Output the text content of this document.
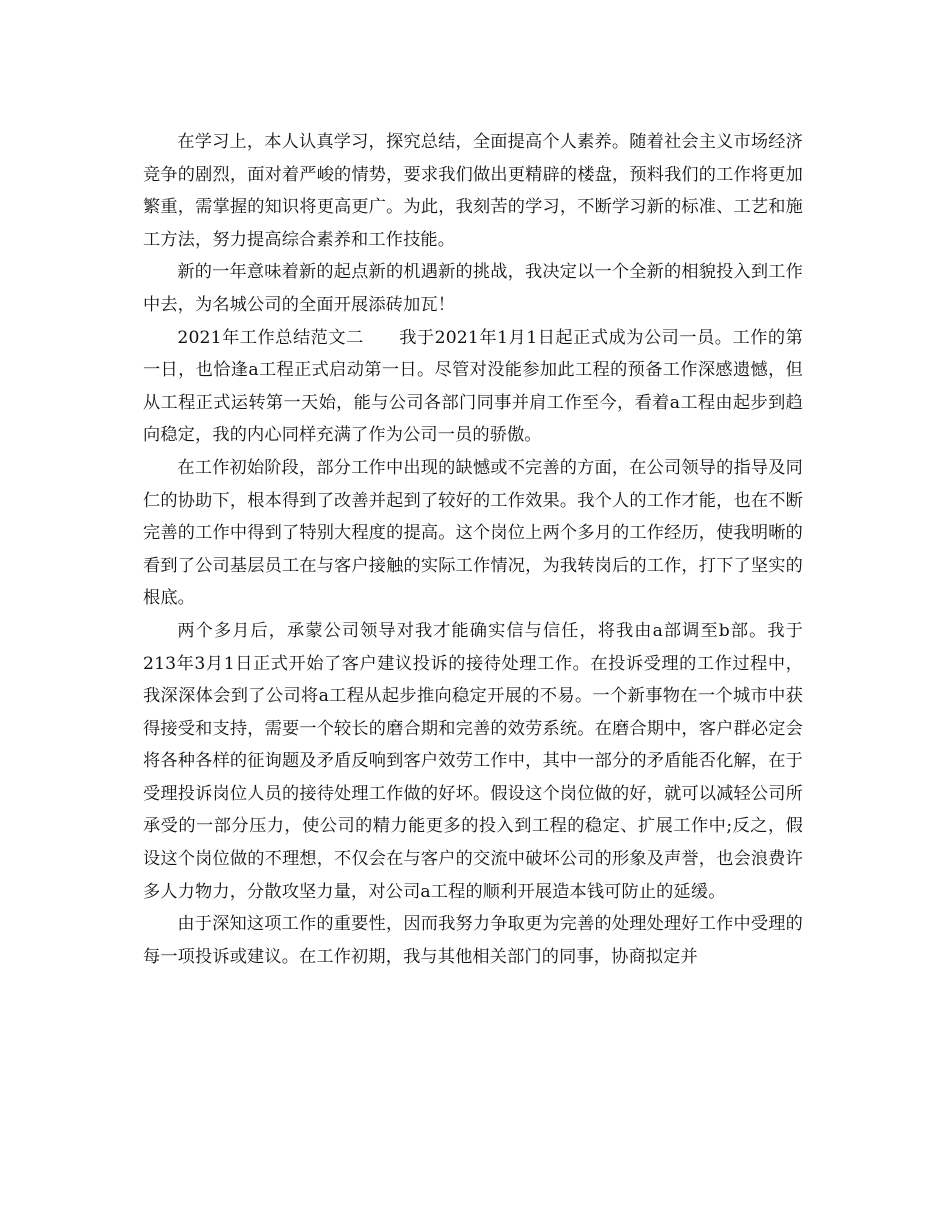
在学习上，本人认真学习，探究总结，全面提高个人素养。随着社会主义市场经济竞争的剧烈，面对着严峻的情势，要求我们做出更精辟的楼盘，预料我们的工作将更加繁重，需掌握的知识将更高更广。为此，我刻苦的学习，不断学习新的标准、工艺和施工方法，努力提高综合素养和工作技能。

新的一年意味着新的起点新的机遇新的挑战，我决定以一个全新的相貌投入到工作中去，为名城公司的全面开展添砖加瓦！

2021年工作总结范文二　　我于2021年1月1日起正式成为公司一员。工作的第一日，也恰逢a工程正式启动第一日。尽管对没能参加此工程的预备工作深感遗憾，但从工程正式运转第一天始，能与公司各部门同事并肩工作至今，看着a工程由起步到趋向稳定，我的内心同样充满了作为公司一员的骄傲。

在工作初始阶段，部分工作中出现的缺憾或不完善的方面，在公司领导的指导及同仁的协助下，根本得到了改善并起到了较好的工作效果。我个人的工作才能，也在不断完善的工作中得到了特别大程度的提高。这个岗位上两个多月的工作经历，使我明晰的看到了公司基层员工在与客户接触的实际工作情况，为我转岗后的工作，打下了坚实的根底。

两个多月后，承蒙公司领导对我才能确实信与信任，将我由a部调至b部。我于213年3月1日正式开始了客户建议投诉的接待处理工作。在投诉受理的工作过程中，我深深体会到了公司将a工程从起步推向稳定开展的不易。一个新事物在一个城市中获得接受和支持，需要一个较长的磨合期和完善的效劳系统。在磨合期中，客户群必定会将各种各样的征询题及矛盾反响到客户效劳工作中，其中一部分的矛盾能否化解，在于受理投诉岗位人员的接待处理工作做的好坏。假设这个岗位做的好，就可以减轻公司所承受的一部分压力，使公司的精力能更多的投入到工程的稳定、扩展工作中;反之，假设这个岗位做的不理想，不仅会在与客户的交流中破坏公司的形象及声誉，也会浪费许多人力物力，分散攻坚力量，对公司a工程的顺利开展造本钱可防止的延缓。

由于深知这项工作的重要性，因而我努力争取更为完善的处理处理好工作中受理的每一项投诉或建议。在工作初期，我与其他相关部门的同事，协商拟定并
